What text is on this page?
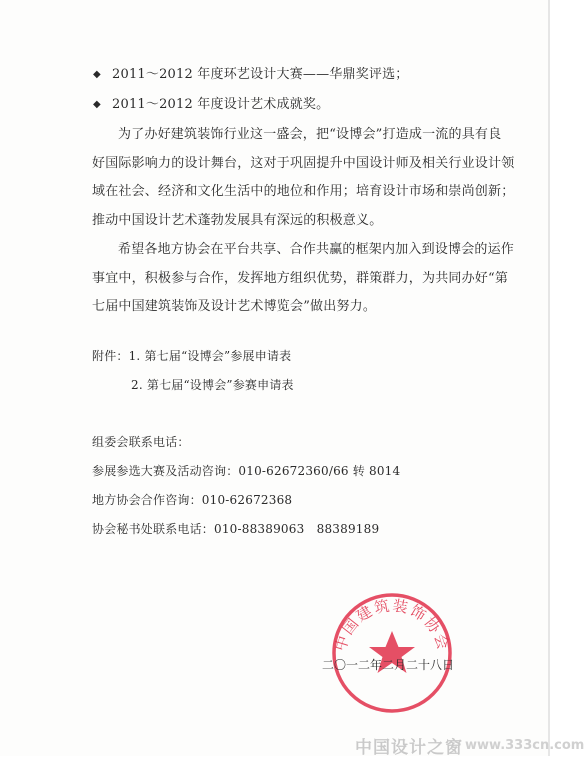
◆ 2011～2012 年度环艺设计大赛——华鼎奖评选；
◆ 2011～2012 年度设计艺术成就奖。
为了办好建筑装饰行业这一盛会，把“设博会”打造成一流的具有良
好国际影响力的设计舞台，这对于巩固提升中国设计师及相关行业设计领
域在社会、经济和文化生活中的地位和作用；培育设计市场和崇尚创新；
推动中国设计艺术蓬勃发展具有深远的积极意义。
希望各地方协会在平台共享、合作共赢的框架内加入到设博会的运作
事宜中，积极参与合作，发挥地方组织优势，群策群力，为共同办好“第
七届中国建筑装饰及设计艺术博览会”做出努力。
附件：1. 第七届“设博会”参展申请表
2. 第七届“设博会”参赛申请表
组委会联系电话：
参展参选大赛及活动咨询：010-62672360/66 转 8014
地方协会合作咨询：010-62672368
协会秘书处联系电话：010-88389063　88389189
中国建筑装饰协会
二〇一二年二月二十八日
中国设计之窗 www.333cn.com
